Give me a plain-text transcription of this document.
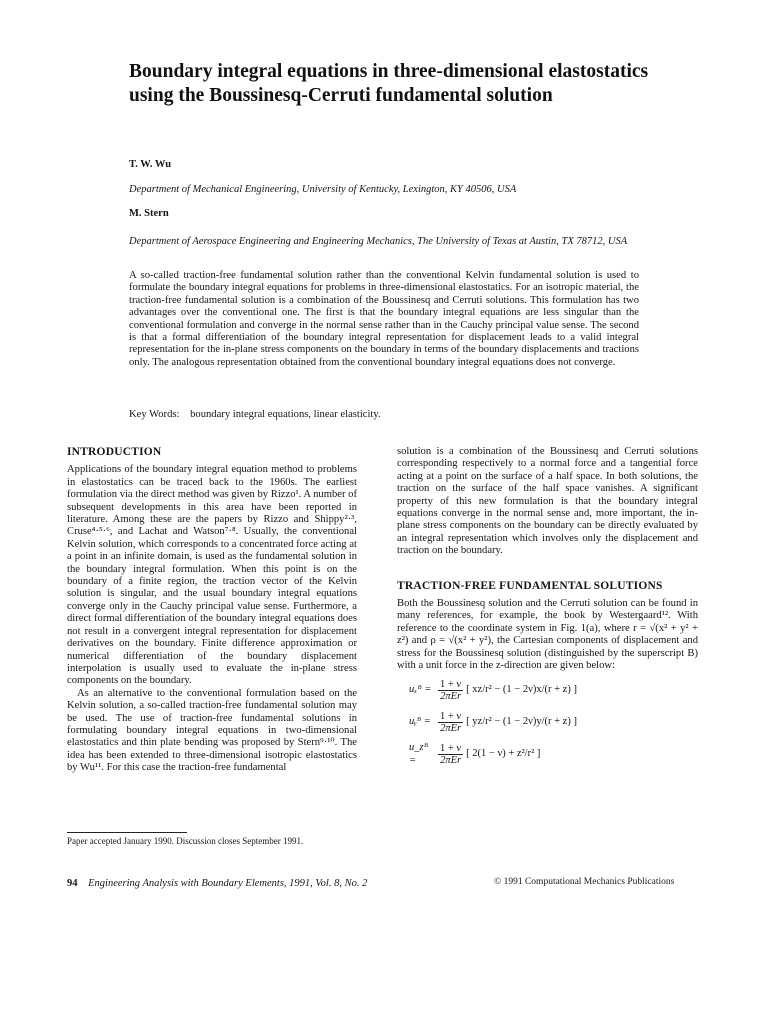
Boundary integral equations in three-dimensional elastostatics using the Boussinesq-Cerruti fundamental solution
T. W. Wu
Department of Mechanical Engineering, University of Kentucky, Lexington, KY 40506, USA
M. Stern
Department of Aerospace Engineering and Engineering Mechanics, The University of Texas at Austin, TX 78712, USA
A so-called traction-free fundamental solution rather than the conventional Kelvin fundamental solution is used to formulate the boundary integral equations for problems in three-dimensional elastostatics. For an isotropic material, the traction-free fundamental solution is a combination of the Boussinesq and Cerruti solutions. This formulation has two advantages over the conventional one. The first is that the boundary integral equations are less singular than the conventional formulation and converge in the normal sense rather than in the Cauchy principal value sense. The second is that a formal differentiation of the boundary integral representation for displacement leads to a valid integral representation for the in-plane stress components on the boundary in terms of the boundary displacements and tractions only. The analogous representation obtained from the conventional boundary integral equations does not converge.
Key Words: boundary integral equations, linear elasticity.
INTRODUCTION

Applications of the boundary integral equation method to problems in elastostatics can be traced back to the 1960s. The earliest formulation via the direct method was given by Rizzo¹. A number of subsequent developments in this area have been reported in literature. Among these are the papers by Rizzo and Shippy²·³, Cruse⁴·⁵·⁶, and Lachat and Watson⁷·⁸. Usually, the conventional Kelvin solution, which corresponds to a concentrated force acting at a point in an infinite domain, is used as the fundamental solution in the boundary integral formulation. When this point is on the boundary of a finite region, the traction vector of the Kelvin solution is singular, and the usual boundary integral equations converge only in the Cauchy principal value sense. Furthermore, a direct formal differentiation of the boundary integral equations does not result in a convergent integral representation for displacement derivatives on the boundary. Finite difference approximation or numerical differentiation of the boundary displacement interpolation is usually used to evaluate the in-plane stress components on the boundary.

As an alternative to the conventional formulation based on the Kelvin solution, a so-called traction-free fundamental solution may be used. The use of traction-free fundamental solutions in formulating boundary integral equations in two-dimensional elastostatics and thin plate bending was proposed by Stern⁹·¹⁰. The idea has been extended to three-dimensional isotropic elastostatics by Wu¹¹. For this case the traction-free fundamental

solution is a combination of the Boussinesq and Cerruti solutions corresponding respectively to a normal force and a tangential force acting at a point on the surface of a half space. In both solutions, the traction on the surface of the half space vanishes. A significant property of this new formulation is that the boundary integral equations converge in the normal sense and, more important, the in-plane stress components on the boundary can be directly evaluated by an integral representation which involves only the displacement and traction on the boundary.

TRACTION-FREE FUNDAMENTAL SOLUTIONS

Both the Boussinesq solution and the Cerruti solution can be found in many references, for example, the book by Westergaard¹². With reference to the coordinate system in Fig. 1(a), where r = √(x² + y² + z²) and ρ = √(x² + y²), the Cartesian components of displacement and stress for the Boussinesq solution (distinguished by the superscript B) with a unit force in the z-direction are given below:

uₓᴮ = $\frac{1 + \nu}{\text{2πEr}}$ [ xz/r² − (1 − 2ν)x/(r + z) ]
uᵧᴮ = $\frac{1 + \nu}{\text{2πEr}}$ [ yz/r² − (1 − 2ν)y/(r + z) ]
u_zᴮ =	$\frac{1 + \nu}{\text{2πEr}}$ [ 2(1 − ν) + z²/r² ]
Paper accepted January 1990. Discussion closes September 1991.
94 Engineering Analysis with Boundary Elements, 1991, Vol. 8, No. 2	© 1991 Computational Mechanics Publications
